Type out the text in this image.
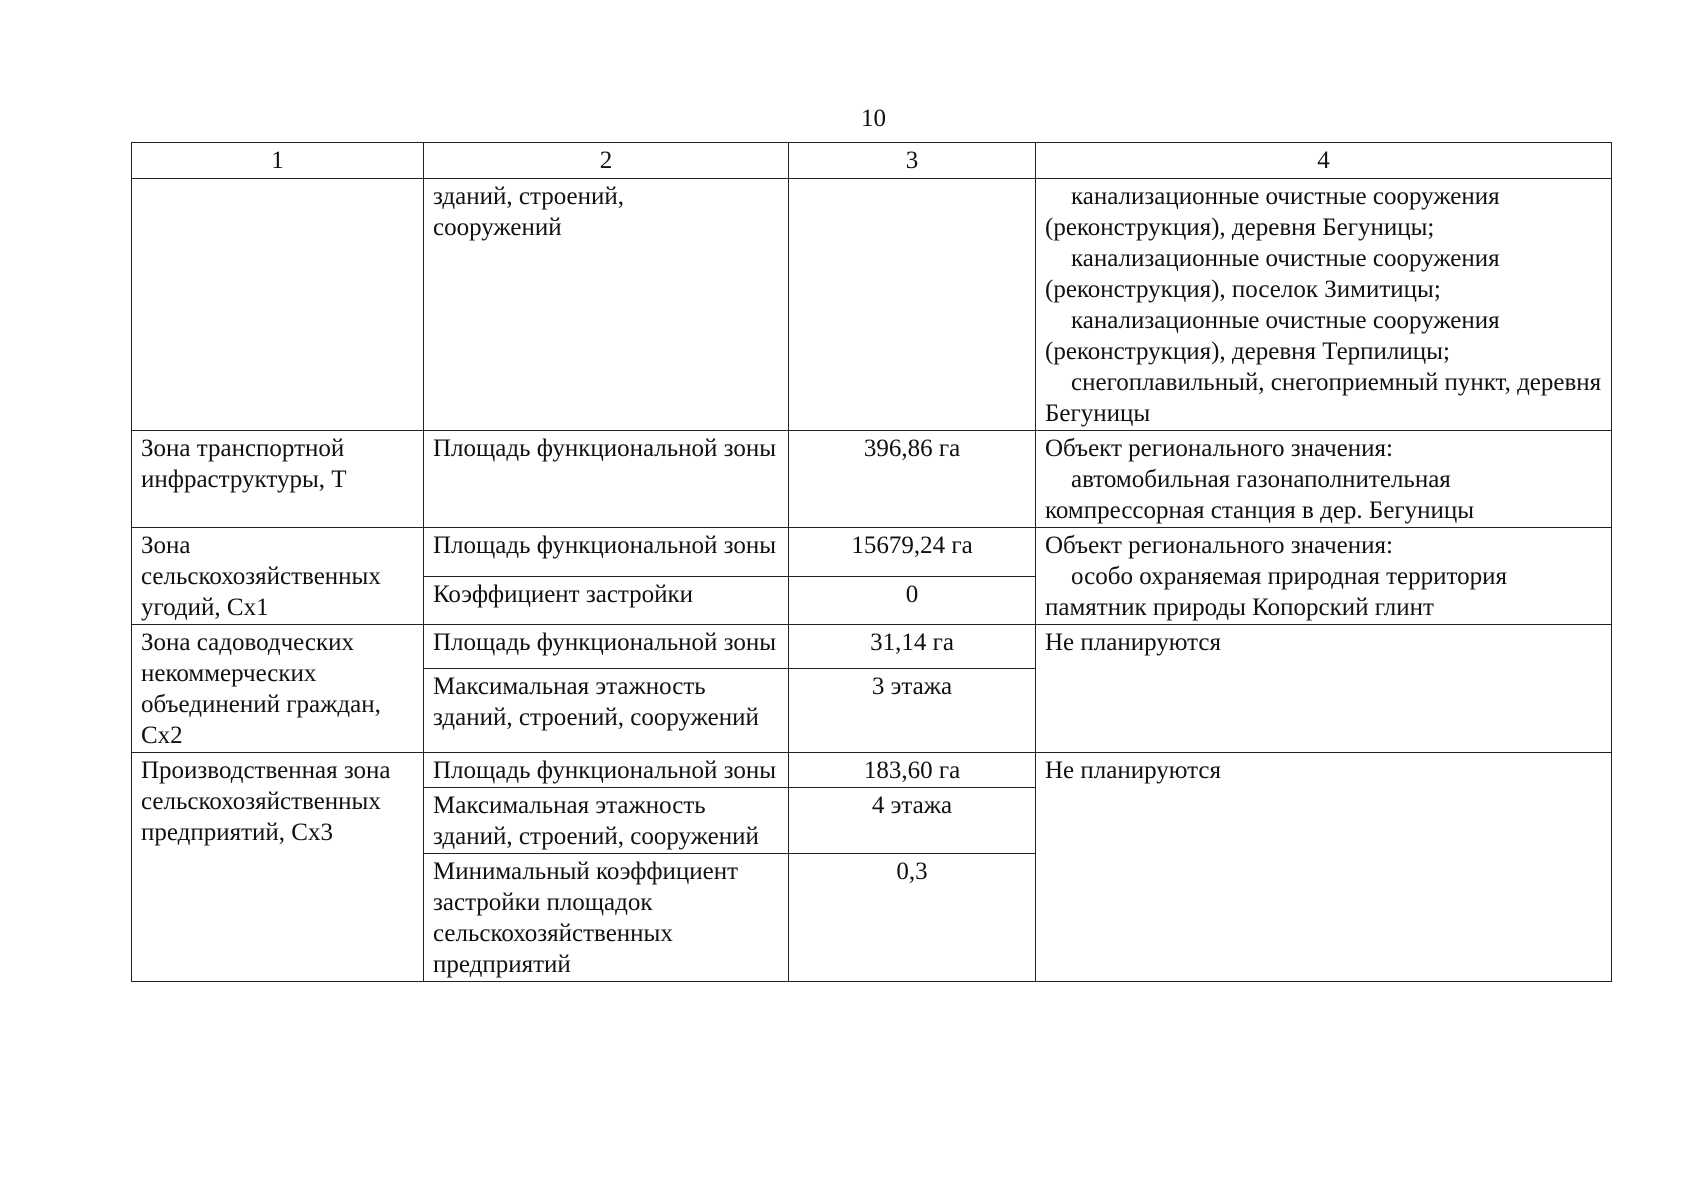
10
1	2	3	4
	зданий, строений,
сооружений		канализационные очистные сооружения (реконструкция), деревня Бегуницы;
канализационные очистные сооружения (реконструкция), поселок Зимитицы;
канализационные очистные сооружения (реконструкция), деревня Терпилицы;
снегоплавильный, снегоприемный пункт, деревня Бегуницы

Зона транспортной инфраструктуры, Т	Площадь функциональной зоны	396,86 га	Объект регионального значения:
автомобильная газонаполнительная компрессорная станция в дер. Бегуницы

Зона сельскохозяйственных угодий, Сх1	Площадь функциональной зоны	15679,24 га	Объект регионального значения:
особо охраняемая природная территория памятник природы Копорский глинт

	Коэффициент застройки	0	
Зона садоводческих некоммерческих объединений граждан, Сх2	Площадь функциональной зоны	31,14 га	Не планируются

	Максимальная этажность зданий, строений, сооружений	3 этажа	
Производственная зона сельскохозяйственных предприятий, Сх3	Площадь функциональной зоны	183,60 га	Не планируются

	Максимальная этажность зданий, строений, сооружений	4 этажа	
	Минимальный коэффициент застройки площадок сельскохозяйственных предприятий	0,3	
